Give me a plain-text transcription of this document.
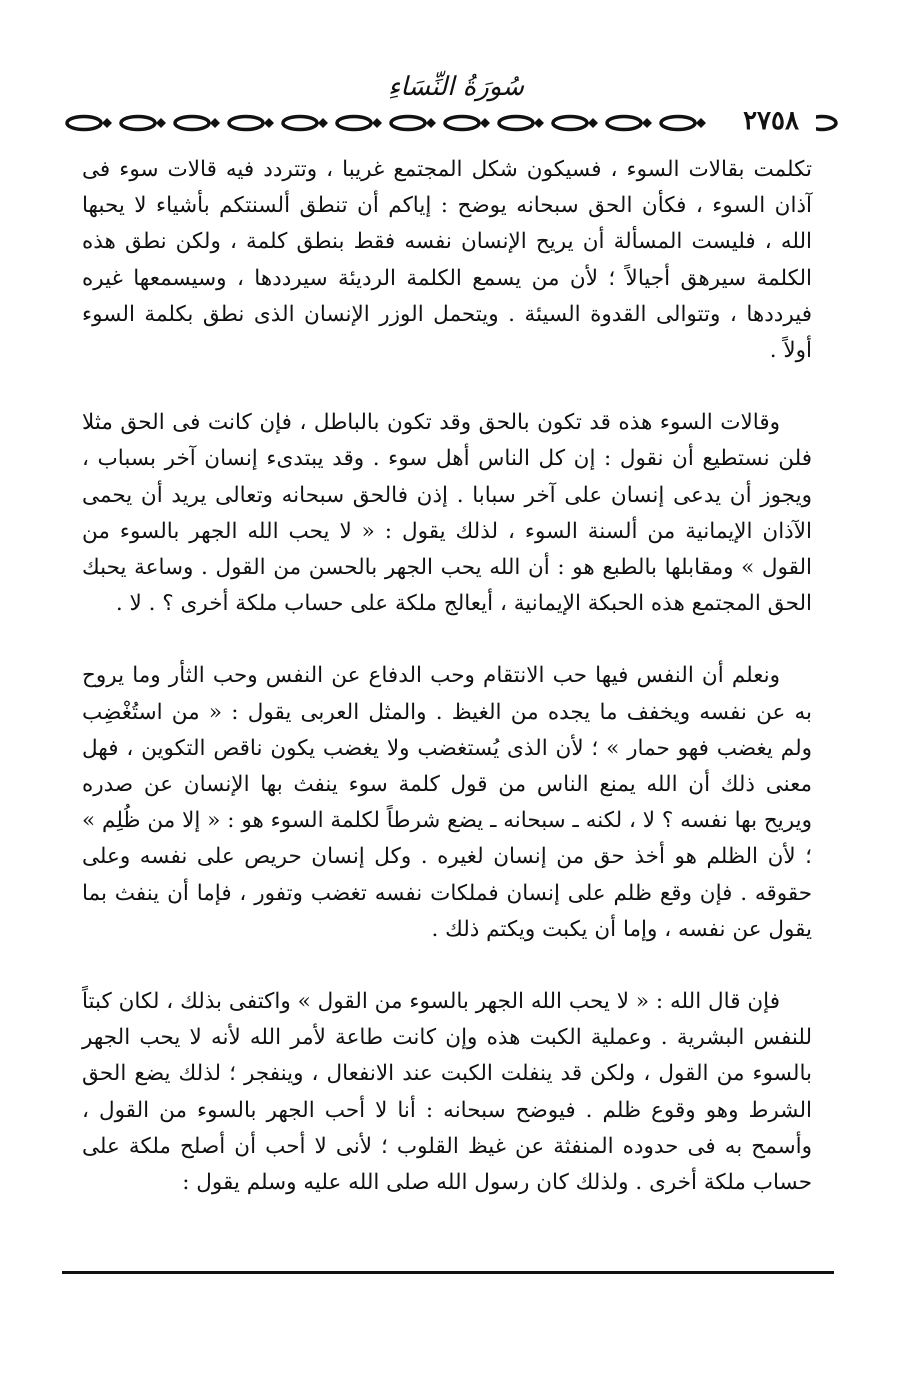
سُورَةُ النِّسَاءِ
٢٧٥٨

تكلمت بقالات السوء ، فسيكون شكل المجتمع غريبا ، وتتردد فيه قالات سوء فى آذان السوء ، فكأن الحق سبحانه يوضح : إياكم أن تنطق ألسنتكم بأشياء لا يحبها الله ، فليست المسألة أن يريح الإنسان نفسه فقط بنطق كلمة ، ولكن نطق هذه الكلمة سيرهق أجيالاً ؛ لأن من يسمع الكلمة الرديئة سيرددها ، وسيسمعها غيره فيرددها ، وتتوالى القدوة السيئة . ويتحمل الوزر الإنسان الذى نطق بكلمة السوء أولاً .

وقالات السوء هذه قد تكون بالحق وقد تكون بالباطل ، فإن كانت فى الحق مثلا فلن نستطيع أن نقول : إن كل الناس أهل سوء . وقد يبتدىء إنسان آخر بسباب ، ويجوز أن يدعى إنسان على آخر سبابا . إذن فالحق سبحانه وتعالى يريد أن يحمى الآذان الإيمانية من ألسنة السوء ، لذلك يقول : « لا يحب الله الجهر بالسوء من القول » ومقابلها بالطبع هو : أن الله يحب الجهر بالحسن من القول . وساعة يحبك الحق المجتمع هذه الحبكة الإيمانية ، أيعالج ملكة على حساب ملكة أخرى ؟ . لا .

ونعلم أن النفس فيها حب الانتقام وحب الدفاع عن النفس وحب الثأر وما يروح به عن نفسه ويخفف ما يجده من الغيظ . والمثل العربى يقول : « من استُغْضِب ولم يغضب فهو حمار » ؛ لأن الذى يُستغضب ولا يغضب يكون ناقص التكوين ، فهل معنى ذلك أن الله يمنع الناس من قول كلمة سوء ينفث بها الإنسان عن صدره ويريح بها نفسه ؟ لا ، لكنه ـ سبحانه ـ يضع شرطاً لكلمة السوء هو : « إلا من ظُلِم » ؛ لأن الظلم هو أخذ حق من إنسان لغيره . وكل إنسان حريص على نفسه وعلى حقوقه . فإن وقع ظلم على إنسان فملكات نفسه تغضب وتفور ، فإما أن ينفث بما يقول عن نفسه ، وإما أن يكبت ويكتم ذلك .

فإن قال الله : « لا يحب الله الجهر بالسوء من القول » واكتفى بذلك ، لكان كبتاً للنفس البشرية . وعملية الكبت هذه وإن كانت طاعة لأمر الله لأنه لا يحب الجهر بالسوء من القول ، ولكن قد ينفلت الكبت عند الانفعال ، وينفجر ؛ لذلك يضع الحق الشرط وهو وقوع ظلم . فيوضح سبحانه : أنا لا أحب الجهر بالسوء من القول ، وأسمح به فى حدوده المنفثة عن غيظ القلوب ؛ لأنى لا أحب أن أصلح ملكة على حساب ملكة أخرى . ولذلك كان رسول الله صلى الله عليه وسلم يقول :
